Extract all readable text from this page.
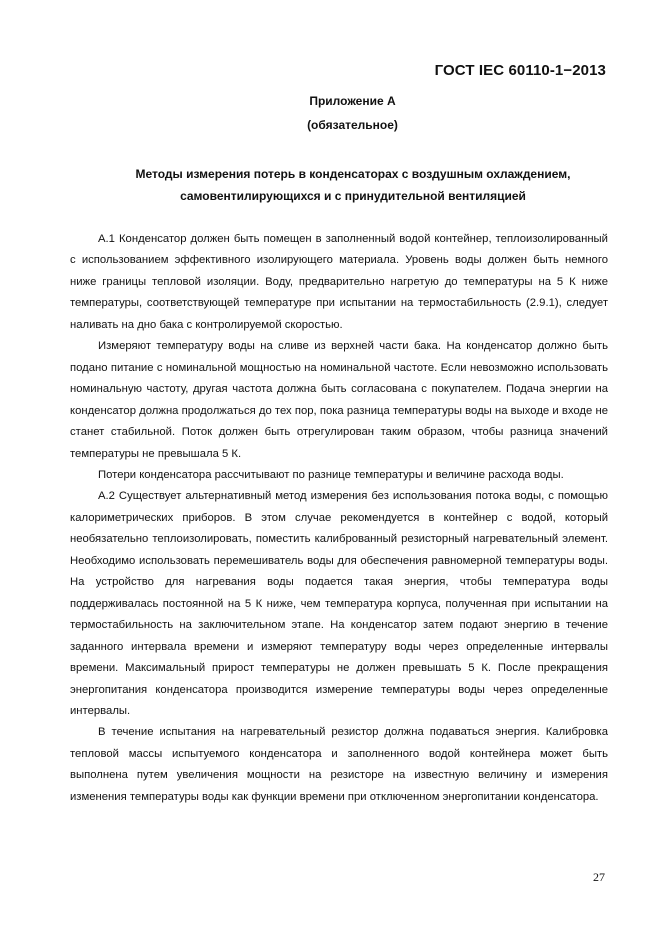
ГОСТ IEC 60110-1−2013
Приложение А
(обязательное)
Методы измерения потерь в конденсаторах с воздушным охлаждением,
самовентилирующихся и с принудительной вентиляцией

А.1 Конденсатор должен быть помещен в заполненный водой контейнер, теплоизолированный с использованием эффективного изолирующего материала. Уровень воды должен быть немного ниже границы тепловой изоляции. Воду, предварительно нагретую до температуры на 5 К ниже температуры, соответствующей температуре при испытании на термостабильность (2.9.1), следует наливать на дно бака с контролируемой скоростью.

Измеряют температуру воды на сливе из верхней части бака. На конденсатор должно быть подано питание с номинальной мощностью на номинальной частоте. Если невозможно использовать номинальную частоту, другая частота должна быть согласована с покупателем. Подача энергии на конденсатор должна продолжаться до тех пор, пока разница температуры воды на выходе и входе не станет стабильной. Поток должен быть отрегулирован таким образом, чтобы разница значений температуры не превышала 5 К.

Потери конденсатора рассчитывают по разнице температуры и величине расхода воды.

А.2 Существует альтернативный метод измерения без использования потока воды, с помощью калориметрических приборов. В этом случае рекомендуется в контейнер с водой, который необязательно теплоизолировать, поместить калиброванный резисторный нагревательный элемент. Необходимо использовать перемешиватель воды для обеспечения равномерной температуры воды. На устройство для нагревания воды подается такая энергия, чтобы температура воды поддерживалась постоянной на 5 К ниже, чем температура корпуса, полученная при испытании на термостабильность на заключительном этапе. На конденсатор затем подают энергию в течение заданного интервала времени и измеряют температуру воды через определенные интервалы времени. Максимальный прирост температуры не должен превышать 5 К. После прекращения энергопитания конденсатора производится измерение температуры воды через определенные интервалы.

В течение испытания на нагревательный резистор должна подаваться энергия. Калибровка тепловой массы испытуемого конденсатора и заполненного водой контейнера может быть выполнена путем увеличения мощности на резисторе на известную величину и измерения изменения температуры воды как функции времени при отключенном энергопитании конденсатора.

27
